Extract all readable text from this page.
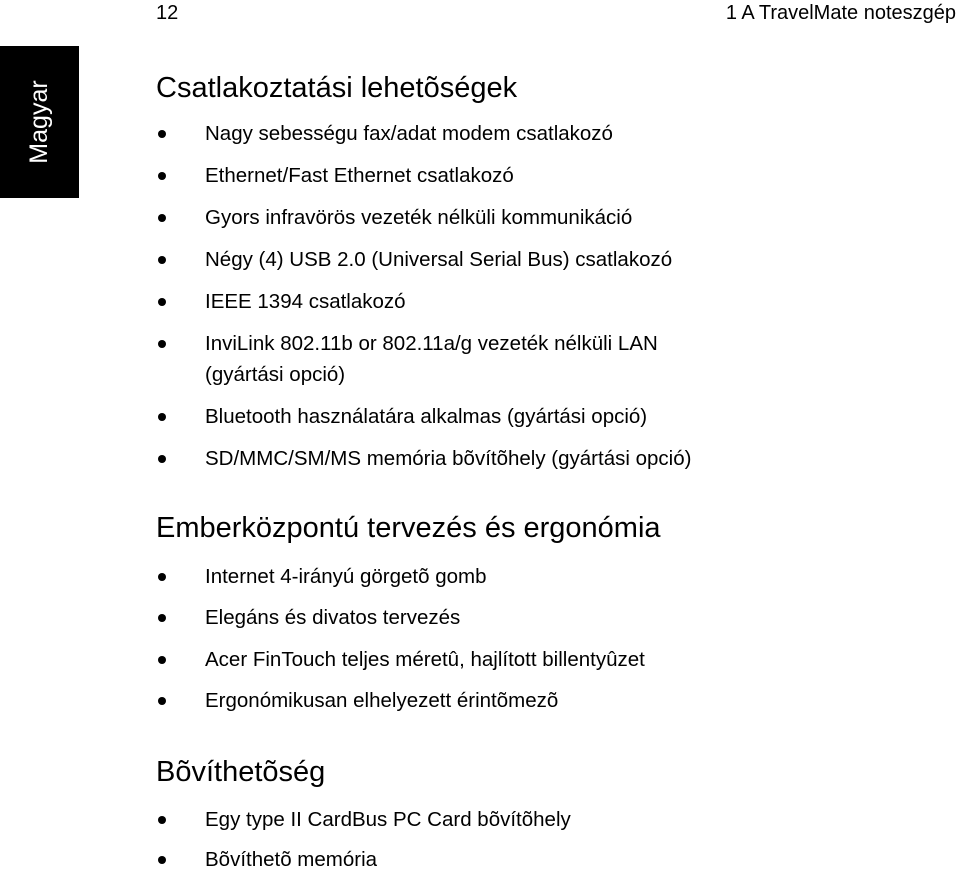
12	1 A TravelMate noteszgép
Magyar	Csatlakoztatási lehetõségek
Nagy sebességu fax/adat modem csatlakozó
Ethernet/Fast Ethernet csatlakozó
Gyors infravörös vezeték nélküli kommunikáció
Négy (4) USB 2.0 (Universal Serial Bus) csatlakozó
IEEE 1394 csatlakozó
InviLink 802.11b or 802.11a/g vezeték nélküli LAN
(gyártási opció)
Bluetooth használatára alkalmas (gyártási opció)
SD/MMC/SM/MS memória bõvítõhely (gyártási opció)
Emberközpontú tervezés és ergonómia
Internet 4-irányú görgetõ gomb
Elegáns és divatos tervezés
Acer FinTouch teljes méretû, hajlított billentyûzet
Ergonómikusan elhelyezett érintõmezõ
Bõvíthetõség
Egy type II CardBus PC Card bõvítõhely
Bõvíthetõ memória
